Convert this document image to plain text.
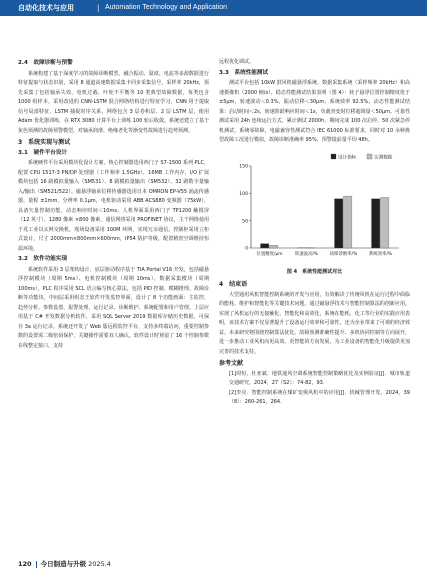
自动化技术与应用	| Automation Technology and Application
2.4　故障诊断与预警

系统构建了基于深度学习的故障诊断模型。融合振动、温度、电流等多源数据进行特征提取与状态识别，采用 8 通道高速数据采集卡同步采集信号，采样率 20kHz，预先采集了包括轴承失效、电机过载、叶轮不平衡等 10 类典型故障数据，每类包含 1000 组样本。采用改进的 CNN-LSTM 混合网络结构进行特征学习，CNN 用于提取信号局部特征，LSTM 捕捉时序关系，网络包含 3 层卷积层、2 层 LSTM 层，使用 Adam 优化器训练，在 RTX 3080 计算平台上训练 100 轮后收敛。系统还建立了基于灰色预测的故障预警模型，对轴承润滑、绝缘老化等渐变性故障进行趋势预测。

3　系统实现与测试
3.1　硬件平台设计

系统硬件平台采用模块化设计方案，核心控制器选用西门子 S7-1500 系列 PLC，配置 CPU 1517-3 PN/DP 处理器（工作频率 1.5GHz），16MB 工作内存，I/O 扩展模块包括 16 路模拟量输入（SM531）、8 路模拟量输出（SM532）、32 路数字量输入/输出（SM521/522）。磁悬浮轴承位移传感器选用日本 OMRON EP-V55 涡流传感器，量程 ±1mm，分辨率 0.1μm，电机驱动采用 ABB ACS880 变频器（75kW），具备矢量控制功能，动态响应时间＜10ms。人机界面采用西门子 TP1200 触摸屏（12 英寸），1280 像素 ×800 像素，通信网络采用 PROFINET 协议，主干网络使用千兆工业以太网交换机，现场设备采用 100M 环网，实现冗余通信。控制柜采用立柜式设计，尺寸 2000mm×800mm×600mm，IP54 防护等级，配置精密空调维持恒温环境。

3.2　软件功能实现

系统软件采用 3 层架构设计，底层驱动程序基于 TIA Portal V16 开发，包括磁悬浮控制模块（周期 5ms）、电机控制模块（周期 10ms）、数据采集模块（周期 100ms），PLC 程序采用 SCL 语言编写核心算法，包括 PID 控制、模糊推理、故障诊断等功能块。中间层采用组态王软件开发监控界面，设计了 8 个功能画面：主监控、趋势分析、参数设置、报警处理、运行记录、诊断维护、系统配置和用户管理。上层应用基于 C# 开发数据分析软件，采用 SQL Server 2019 数据库存储历史数据，可保存 3a 运行记录。系统还开发了 Web 版远程监控平台，支持多终端访问，重要控制参数的设置需二级密码保护，关键操作需要双人确认。软件设计时预留了 16 个控制参数在线整定接口，支持

远程优化调试。

3.3　系统性能测试

测试平台包括 10kW 鼓风机磁悬浮系统、数据采集系统（采样频率 20kHz）和高速摄像机（2000 帧/s），稳态性能测试结果表明（图 4）：转子悬浮位置控制精度优于 ±5μm，转速波动＜0.3%，振动位移＜30μm，系统效率 92.5%。动态性能测试结果：启动时间＜2s，转速阶跃响应时间＜1s，负载突变时位移超调量＜50μm。可靠性测试采用 24h 连续运行方式，累计测试 2000h，期间完成 100 次启停、50 次紧急停机测试，系统零故障，电磁兼容性测试符合 IEC 61000 标准要求，同时对 10 余种典型故障工况进行模拟，故障诊断准确率 95%，预警提前量平均 48h。

0
50
100
150
位置精度/μm	转速波动/%	故障诊断率/%	系统效率/%
设计指标	实测数据
图 4　系统性能测试对比
4　结束语

大型通用风机智能控制系统的开发与应用，有效解决了传统风机在运行过程中面临的能耗、维护和智能化等关键技术问题。通过磁悬浮技术与智能控制算法的创新应用，实现了风机运行的无接触化、智能化和高效化，系统在能耗、化工等行业的实践应用表明，该技术方案不仅显著提升了设备运行效率和可靠性，还为企业带来了可观的经济效益。未来研究将围绕控制算法优化、故障预测准确性提升、多机协同控制等方向展开，进一步推动工业风机向更高效、更智能的方向发展，为工业设备的智能化升级提供更加完善的技术支持。

参考文献

[1]周恒，杜亚斌．地铁通风空调系统智能控制策略优化及实例验证[J]．城市轨道交通研究，2024，27（S2）：74-82，93．

[2]李亮．智能控制系统在煤矿变频风机中的应用[J]．机械管理开发，2024，39（8）：260-261，264．

120 今日制造与升级 2025.4
